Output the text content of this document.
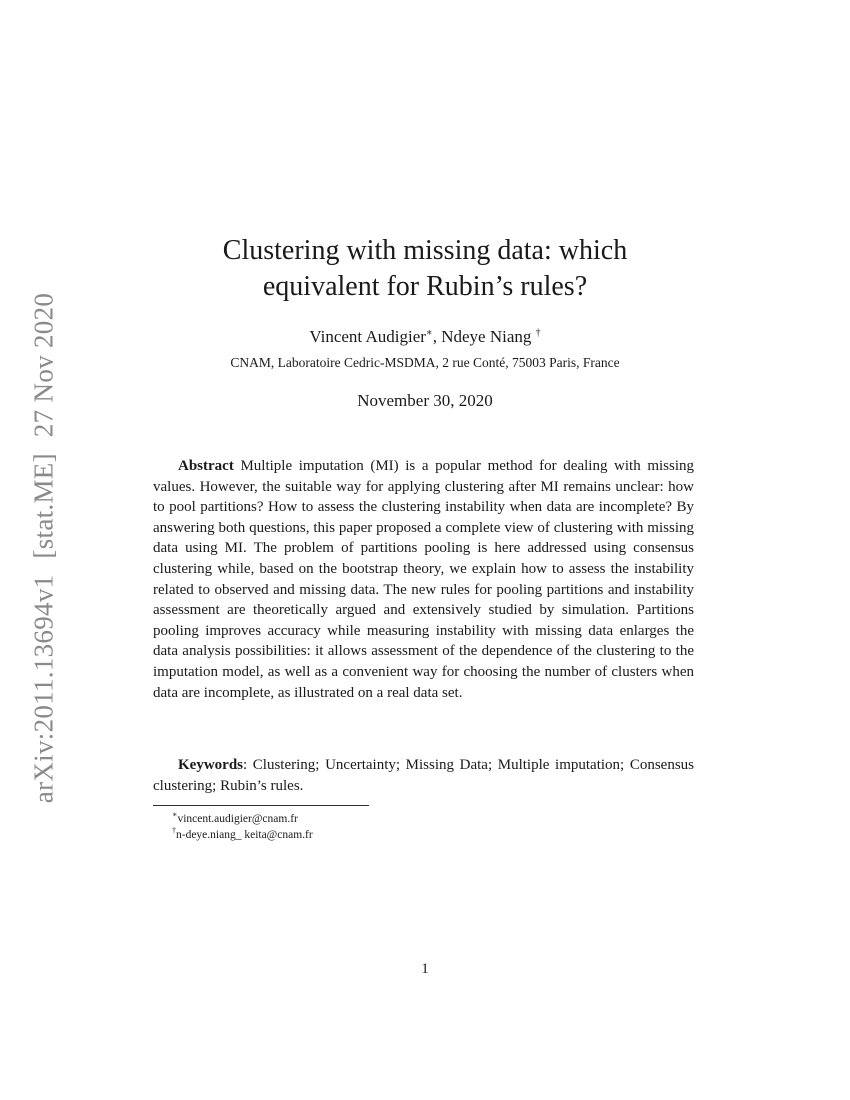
arXiv:2011.13694v1[stat.ME]27 Nov 2020
Clustering with missing data: which
equivalent for Rubin’s rules?
Vincent Audigier∗, Ndeye Niang †
CNAM, Laboratoire Cedric-MSDMA, 2 rue Conté, 75003 Paris, France
November 30, 2020

Abstract Multiple imputation (MI) is a popular method for dealing with missing values. However, the suitable way for applying clustering after MI remains unclear: how to pool partitions? How to assess the clustering instability when data are incomplete? By answering both questions, this paper proposed a complete view of clustering with missing data using MI. The problem of partitions pooling is here addressed using consensus clustering while, based on the bootstrap theory, we explain how to assess the instability related to observed and missing data. The new rules for pooling partitions and instability assessment are theoretically argued and extensively studied by simulation. Partitions pooling improves accuracy while measuring instability with missing data enlarges the data analysis possibilities: it allows assessment of the dependence of the clustering to the imputation model, as well as a convenient way for choosing the number of clusters when data are incomplete, as illustrated on a real data set.

Keywords: Clustering; Uncertainty; Missing Data; Multiple imputation; Consensus clustering; Rubin’s rules.

∗vincent.audigier@cnam.fr
†n-deye.niang_ keita@cnam.fr
1
